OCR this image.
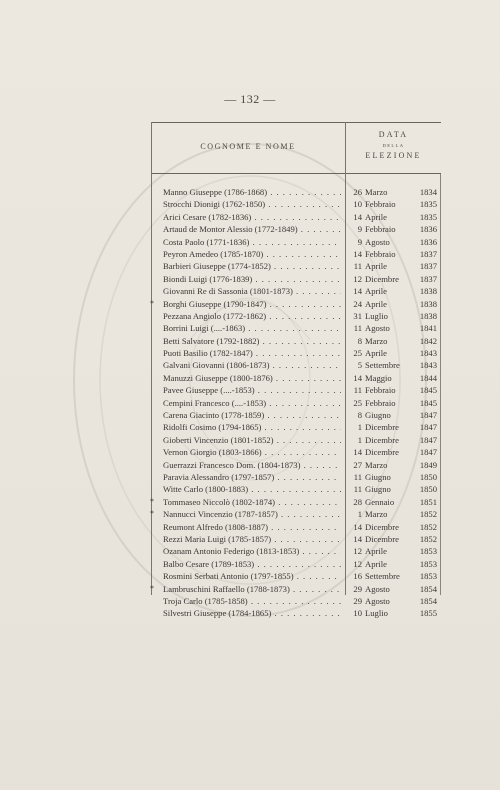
— 132 —
COGNOME E NOME
DATA
DELLA
ELEZIONE
Manno Giuseppe (1786-1868) . . .	26 Marzo	1834
Strocchi Dionigi (1762-1850) . . .	10 Febbraio	1835
Arici Cesare (1782-1836) . . .	14 Aprile	1835
Artaud de Montor Alessio (1772-1849) . . .	9 Febbraio	1836
Costa Paolo (1771-1836) . . .	9 Agosto	1836
Peyron Amedeo (1785-1870) . . .	14 Febbraio	1837
Barbieri Giuseppe (1774-1852) . . .	11 Aprile	1837
Biondi Luigi (1776-1839) . . .	12 Dicembre	1837
Giovanni Re di Sassonia (1801-1873) . . .	14 Aprile	1838
* Borghi Giuseppe (1790-1847) . . .	24 Aprile	1838
Pezzana Angiolo (1772-1862) . . .	31 Luglio	1838
Borrini Luigi (....-1863) . . .	11 Agosto	1841
Betti Salvatore (1792-1882) . . .	8 Marzo	1842
Puoti Basilio (1782-1847) . . .	25 Aprile	1843
Galvani Giovanni (1806-1873) . . .	5 Settembre	1843
Manuzzi Giuseppe (1800-1876) . . .	14 Maggio	1844
Pavee Giuseppe (....-1853) . . .	11 Febbraio	1845
Cempini Francesco (....-1853) . . .	25 Febbraio	1845
Carena Giacinto (1778-1859) . . .	8 Giugno	1847
Ridolfi Cosimo (1794-1865) . . .	1 Dicembre	1847
Gioberti Vincenzio (1801-1852) . . .	1 Dicembre	1847
Vernon Giorgio (1803-1866) . . .	14 Dicembre	1847
Guerrazzi Francesco Dom. (1804-1873) . . .	27 Marzo	1849
Paravia Alessandro (1797-1857) . . .	11 Giugno	1850
Witte Carlo (1800-1883) . . .	11 Giugno	1850
* Tommaseo Niccolò (1802-1874) . . .	28 Gennaio	1851
* Nannucci Vincenzio (1787-1857) . . .	1 Marzo	1852
Reumont Alfredo (1808-1887) . . .	14 Dicembre	1852
Rezzi Maria Luigi (1785-1857) . . .	14 Dicembre	1852
Ozanam Antonio Federigo (1813-1853) . . .	12 Aprile	1853
Balbo Cesare (1789-1853) . . .	12 Aprile	1853
Rosmini Serbati Antonio (1797-1855) . . .	16 Settembre	1853
* Lambruschini Raffaello (1788-1873) . . .	29 Agosto	1854
Troja Carlo (1785-1858) . . .	29 Agosto	1854
Silvestri Giuseppe (1784-1865) . . .	10 Luglio	1855
